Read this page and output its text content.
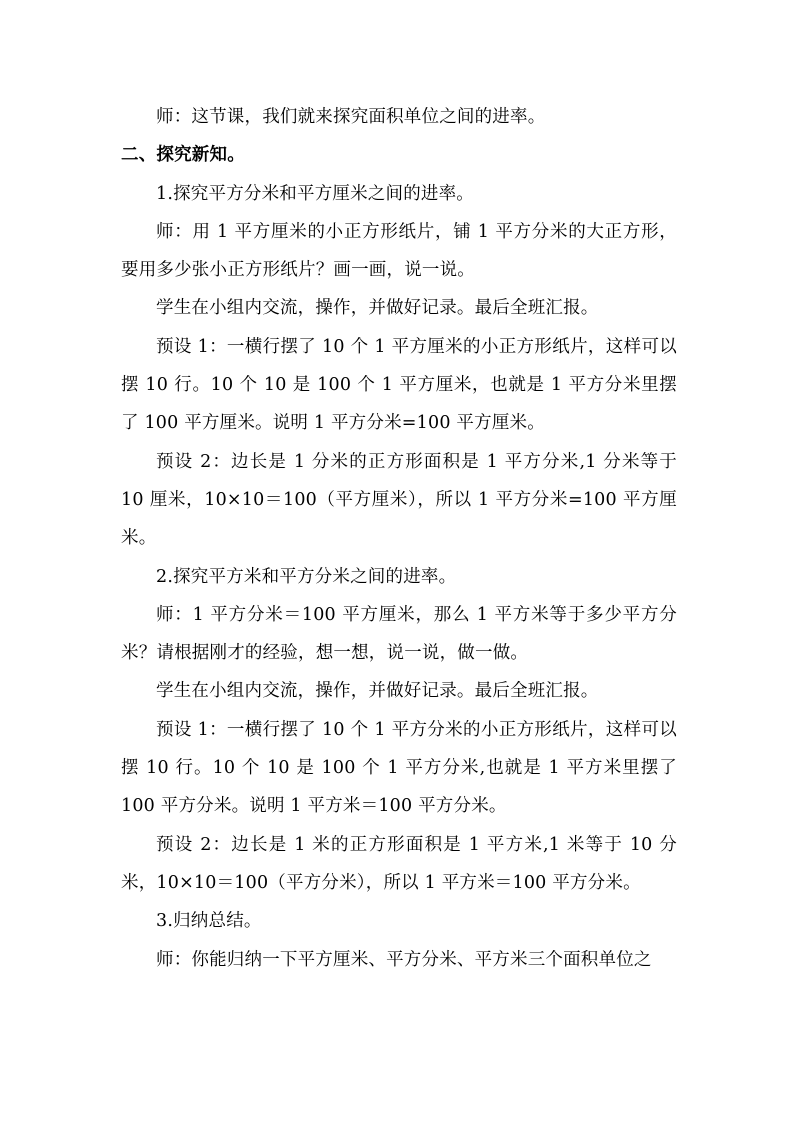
师：这节课，我们就来探究面积单位之间的进率。

二、探究新知。

1.探究平方分米和平方厘米之间的进率。

师：用 1 平方厘米的小正方形纸片，铺 1 平方分米的大正方形，要用多少张小正方形纸片？画一画，说一说。

学生在小组内交流，操作，并做好记录。最后全班汇报。

预设 1：一横行摆了 10 个 1 平方厘米的小正方形纸片，这样可以摆 10 行。10 个 10 是 100 个 1 平方厘米，也就是 1 平方分米里摆了 100 平方厘米。说明 1 平方分米=100 平方厘米。

预设 2：边长是 1 分米的正方形面积是 1 平方分米,1 分米等于 10 厘米，10×10＝100（平方厘米），所以 1 平方分米=100 平方厘米。

2.探究平方米和平方分米之间的进率。

师：1 平方分米＝100 平方厘米，那么 1 平方米等于多少平方分米？请根据刚才的经验，想一想，说一说，做一做。

学生在小组内交流，操作，并做好记录。最后全班汇报。

预设 1：一横行摆了 10 个 1 平方分米的小正方形纸片，这样可以摆 10 行。10 个 10 是 100 个 1 平方分米,也就是 1 平方米里摆了 100 平方分米。说明 1 平方米＝100 平方分米。

预设 2：边长是 1 米的正方形面积是 1 平方米,1 米等于 10 分米，10×10＝100（平方分米），所以 1 平方米＝100 平方分米。

3.归纳总结。

师：你能归纳一下平方厘米、平方分米、平方米三个面积单位之
